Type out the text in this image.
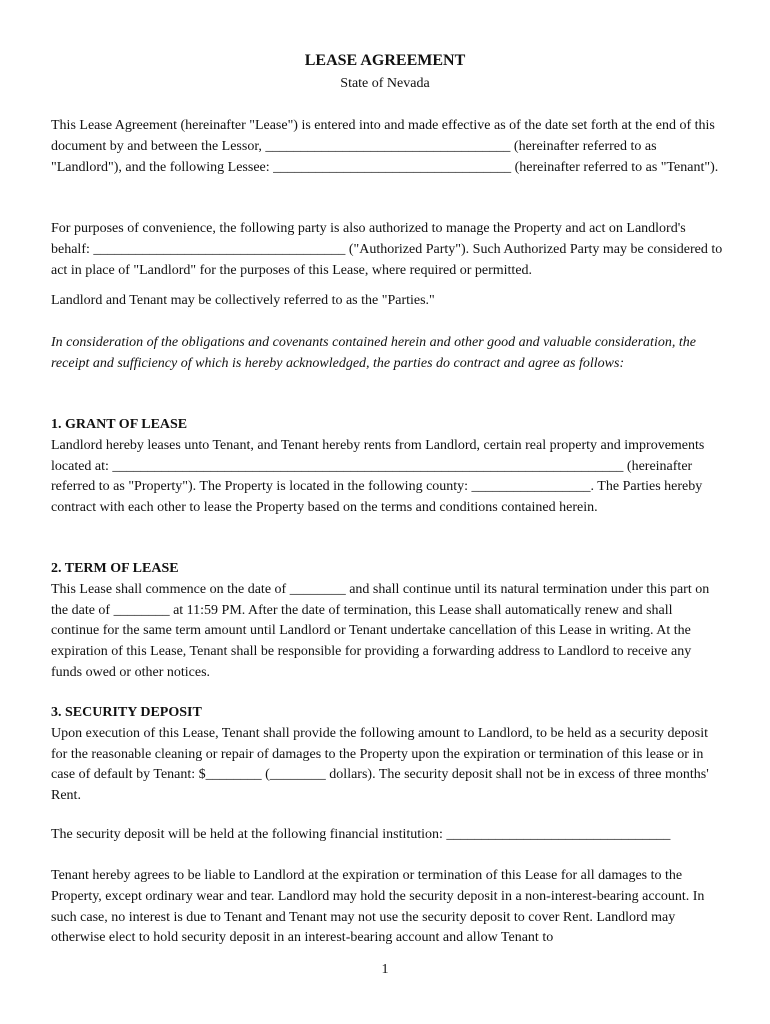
LEASE AGREEMENT
State of Nevada

This Lease Agreement (hereinafter "Lease") is entered into and made effective as of the date set forth at the end of this document by and between the Lessor, ___________________________________ (hereinafter referred to as "Landlord"), and the following Lessee: __________________________________ (hereinafter referred to as "Tenant").

For purposes of convenience, the following party is also authorized to manage the Property and act on Landlord's behalf: ____________________________________ ("Authorized Party"). Such Authorized Party may be considered to act in place of "Landlord" for the purposes of this Lease, where required or permitted.

Landlord and Tenant may be collectively referred to as the "Parties."

In consideration of the obligations and covenants contained herein and other good and valuable consideration, the receipt and sufficiency of which is hereby acknowledged, the parties do contract and agree as follows:

1. GRANT OF LEASE
Landlord hereby leases unto Tenant, and Tenant hereby rents from Landlord, certain real property and improvements located at: _________________________________________________________________________ (hereinafter referred to as "Property"). The Property is located in the following county: _________________. The Parties hereby contract with each other to lease the Property based on the terms and conditions contained herein.
2. TERM OF LEASE
This Lease shall commence on the date of ________ and shall continue until its natural termination under this part on the date of ________ at 11:59 PM. After the date of termination, this Lease shall automatically renew and shall continue for the same term amount until Landlord or Tenant undertake cancellation of this Lease in writing. At the expiration of this Lease, Tenant shall be responsible for providing a forwarding address to Landlord to receive any funds owed or other notices.
3. SECURITY DEPOSIT
Upon execution of this Lease, Tenant shall provide the following amount to Landlord, to be held as a security deposit for the reasonable cleaning or repair of damages to the Property upon the expiration or termination of this lease or in case of default by Tenant: $________ (________ dollars). The security deposit shall not be in excess of three months' Rent.

The security deposit will be held at the following financial institution: ________________________________

Tenant hereby agrees to be liable to Landlord at the expiration or termination of this Lease for all damages to the Property, except ordinary wear and tear. Landlord may hold the security deposit in a non-interest-bearing account. In such case, no interest is due to Tenant and Tenant may not use the security deposit to cover Rent. Landlord may otherwise elect to hold security deposit in an interest-bearing account and allow Tenant to

1
